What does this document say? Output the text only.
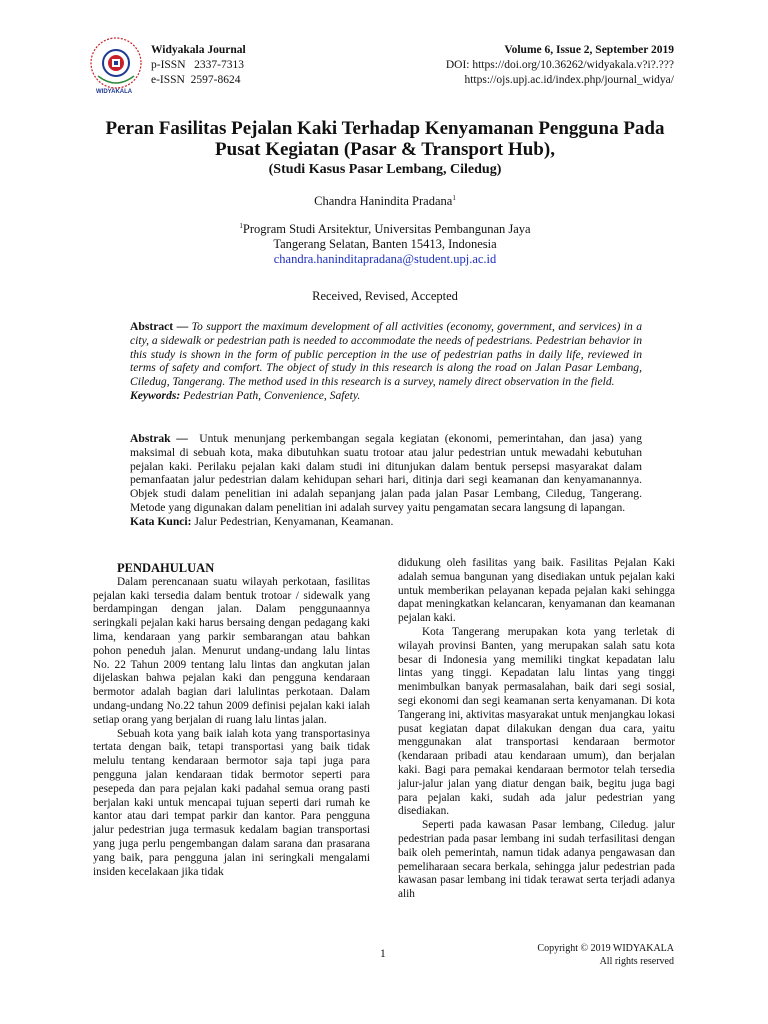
WIDYAKALA
Widyakala Journal
p-ISSN 2337-7313
e-ISSN 2597-8624
Volume 6, Issue 2, September 2019
DOI: https://doi.org/10.36262/widyakala.v?i?.???
https://ojs.upj.ac.id/index.php/journal_widya/
Peran Fasilitas Pejalan Kaki Terhadap Kenyamanan Pengguna Pada Pusat Kegiatan (Pasar & Transport Hub),
(Studi Kasus Pasar Lembang, Ciledug)
Chandra Hanindita Pradana$^1$
$^1$Program Studi Arsitektur, Universitas Pembangunan Jaya
Tangerang Selatan, Banten 15413, Indonesia
chandra.haninditapradana@student.upj.ac.id
Received, Revised, Accepted
Abstract — To support the maximum development of all activities (economy, government, and services) in a city, a sidewalk or pedestrian path is needed to accommodate the needs of pedestrians. Pedestrian behavior in this study is shown in the form of public perception in the use of pedestrian paths in daily life, reviewed in terms of safety and comfort. The object of study in this research is along the road on Jalan Pasar Lembang, Ciledug, Tangerang. The method used in this research is a survey, namely direct observation in the field.
Keywords: Pedestrian Path, Convenience, Safety.
Abstrak — Untuk menunjang perkembangan segala kegiatan (ekonomi, pemerintahan, dan jasa) yang maksimal di sebuah kota, maka dibutuhkan suatu trotoar atau jalur pedestrian untuk mewadahi kebutuhan pejalan kaki. Perilaku pejalan kaki dalam studi ini ditunjukan dalam bentuk persepsi masyarakat dalam pemanfaatan jalur pedestrian dalam kehidupan sehari hari, ditinja dari segi keamanan dan kenyamanannya. Objek studi dalam penelitian ini adalah sepanjang jalan pada jalan Pasar Lembang, Ciledug, Tangerang. Metode yang digunakan dalam penelitian ini adalah survey yaitu pengamatan secara langsung di lapangan.
Kata Kunci: Jalur Pedestrian, Kenyamanan, Keamanan.

PENDAHULUAN

Dalam perencanaan suatu wilayah perkotaan, fasilitas pejalan kaki tersedia dalam bentuk trotoar / sidewalk yang berdampingan dengan jalan. Dalam penggunaannya seringkali pejalan kaki harus bersaing dengan pedagang kaki lima, kendaraan yang parkir sembarangan atau bahkan pohon peneduh jalan. Menurut undang-undang lalu lintas No. 22 Tahun 2009 tentang lalu lintas dan angkutan jalan dijelaskan bahwa pejalan kaki dan pengguna kendaraan bermotor adalah bagian dari lalulintas perkotaan. Dalam undang-undang No.22 tahun 2009 definisi pejalan kaki ialah setiap orang yang berjalan di ruang lalu lintas jalan.

Sebuah kota yang baik ialah kota yang transportasinya tertata dengan baik, tetapi transportasi yang baik tidak melulu tentang kendaraan bermotor saja tapi juga para pengguna jalan kendaraan tidak bermotor seperti para pesepeda dan para pejalan kaki padahal semua orang pasti berjalan kaki untuk mencapai tujuan seperti dari rumah ke kantor atau dari tempat parkir dan kantor. Para pengguna jalur pedestrian juga termasuk kedalam bagian transportasi yang juga perlu pengembangan dalam sarana dan prasarana yang baik, para pengguna jalan ini seringkali mengalami insiden kecelakaan jika tidak

didukung oleh fasilitas yang baik. Fasilitas Pejalan Kaki adalah semua bangunan yang disediakan untuk pejalan kaki untuk memberikan pelayanan kepada pejalan kaki sehingga dapat meningkatkan kelancaran, kenyamanan dan keamanan pejalan kaki.

Kota Tangerang merupakan kota yang terletak di wilayah provinsi Banten, yang merupakan salah satu kota besar di Indonesia yang memiliki tingkat kepadatan lalu lintas yang tinggi. Kepadatan lalu lintas yang tinggi menimbulkan banyak permasalahan, baik dari segi sosial, segi ekonomi dan segi keamanan serta kenyamanan. Di kota Tangerang ini, aktivitas masyarakat untuk menjangkau lokasi pusat kegiatan dapat dilakukan dengan dua cara, yaitu menggunakan alat transportasi kendaraan bermotor (kendaraan pribadi atau kendaraan umum), dan berjalan kaki. Bagi para pemakai kendaraan bermotor telah tersedia jalur-jalur jalan yang diatur dengan baik, begitu juga bagi para pejalan kaki, sudah ada jalur pedestrian yang disediakan.

Seperti pada kawasan Pasar lembang, Ciledug. jalur pedestrian pada pasar lembang ini sudah terfasilitasi dengan baik oleh pemerintah, namun tidak adanya pengawasan dan pemeliharaan secara berkala, sehingga jalur pedestrian pada kawasan pasar lembang ini tidak terawat serta terjadi adanya alih

1	Copyright © 2019 WIDYAKALA
All rights reserved
